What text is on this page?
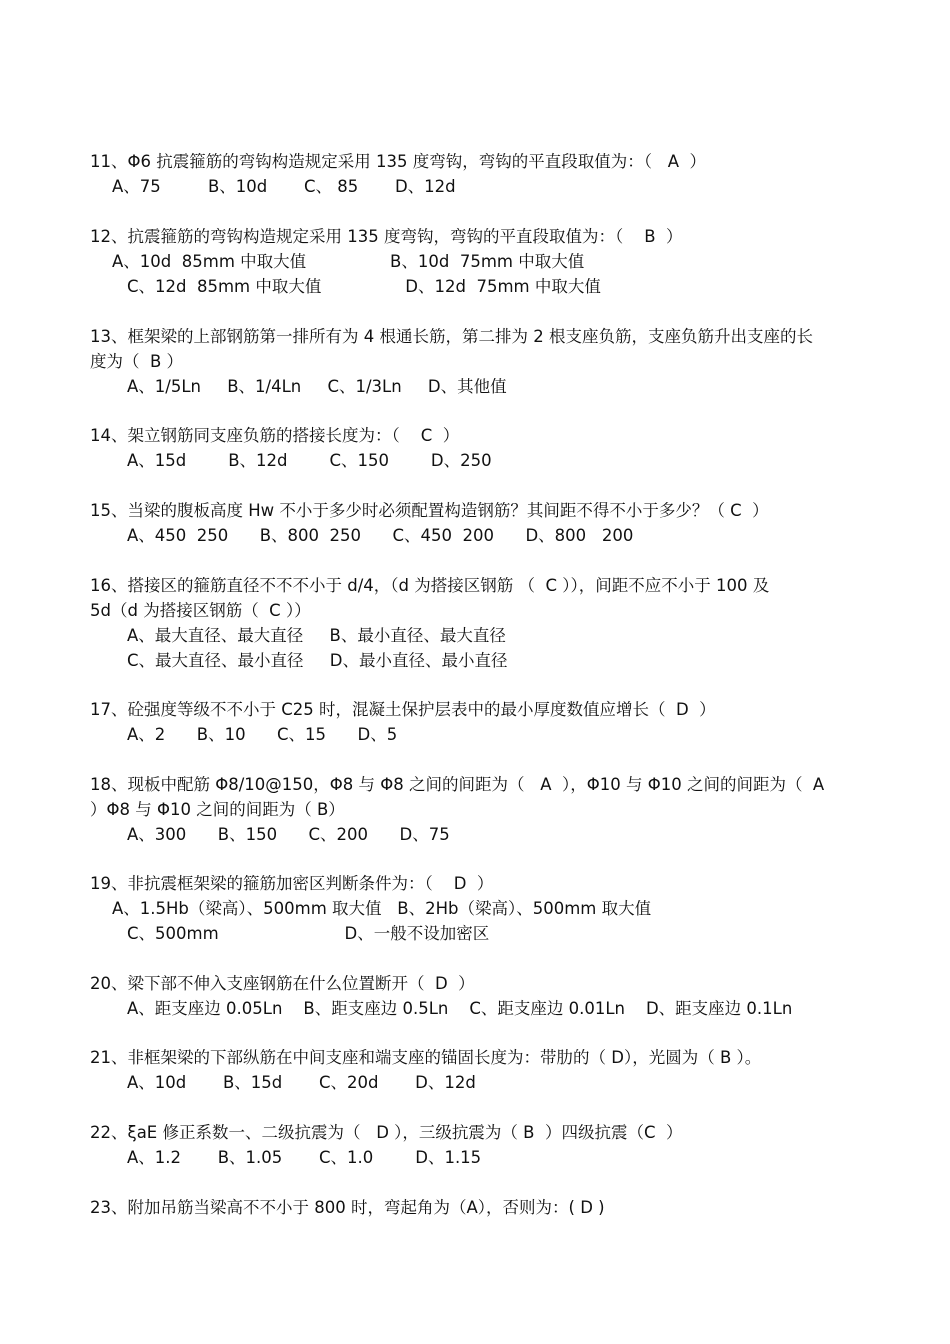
11、Φ6 抗震箍筋的弯钩构造规定采用 135 度弯钩，弯钩的平直段取值为：（   A  ）
A、75         B、10d       C、 85       D、12d
12、抗震箍筋的弯钩构造规定采用 135 度弯钩，弯钩的平直段取值为：（    B  ）
A、10d  85mm 中取大值                B、10d  75mm 中取大值
C、12d  85mm 中取大值                D、12d  75mm 中取大值
13、框架梁的上部钢筋第一排所有为 4 根通长筋，第二排为 2 根支座负筋，支座负筋升出支座的长
度为（  B ）
A、1/5Ln     B、1/4Ln     C、1/3Ln     D、其他值
14、架立钢筋同支座负筋的搭接长度为：（    C  ）
A、15d        B、12d        C、150        D、250
15、当梁的腹板高度 Hw 不小于多少时必须配置构造钢筋？其间距不得不小于多少？（ C  ）
A、450  250      B、800  250      C、450  200      D、800   200
16、搭接区的箍筋直径不不不小于 d/4，（d 为搭接区钢筋 （  C ）），间距不应不小于 100 及
5d（d 为搭接区钢筋（  C ））
A、最大直径、最大直径     B、最小直径、最大直径
C、最大直径、最小直径     D、最小直径、最小直径
17、砼强度等级不不小于 C25 时，混凝土保护层表中的最小厚度数值应增长（  D  ）
A、2      B、10      C、15      D、5
18、现板中配筋 Φ8/10@150，Φ8 与 Φ8 之间的间距为（   A  ），Φ10 与 Φ10 之间的间距为（  A
）Φ8 与 Φ10 之间的间距为（ B）
A、300      B、150      C、200      D、75
19、非抗震框架梁的箍筋加密区判断条件为：（    D  ）
A、1.5Hb（梁高）、500mm 取大值   B、2Hb（梁高）、500mm 取大值
C、500mm                        D、一般不设加密区
20、梁下部不伸入支座钢筋在什么位置断开（  D  ）
A、距支座边 0.05Ln    B、距支座边 0.5Ln    C、距支座边 0.01Ln    D、距支座边 0.1Ln
21、非框架梁的下部纵筋在中间支座和端支座的锚固长度为：带肋的（ D），光圆为（ B ）。
A、10d       B、15d       C、20d       D、12d
22、ξaE 修正系数一、二级抗震为（   D ），三级抗震为（ B  ）四级抗震（C  ）
A、1.2       B、1.05       C、1.0        D、1.15
23、附加吊筋当梁高不不小于 800 时，弯起角为（A），否则为：( D )
